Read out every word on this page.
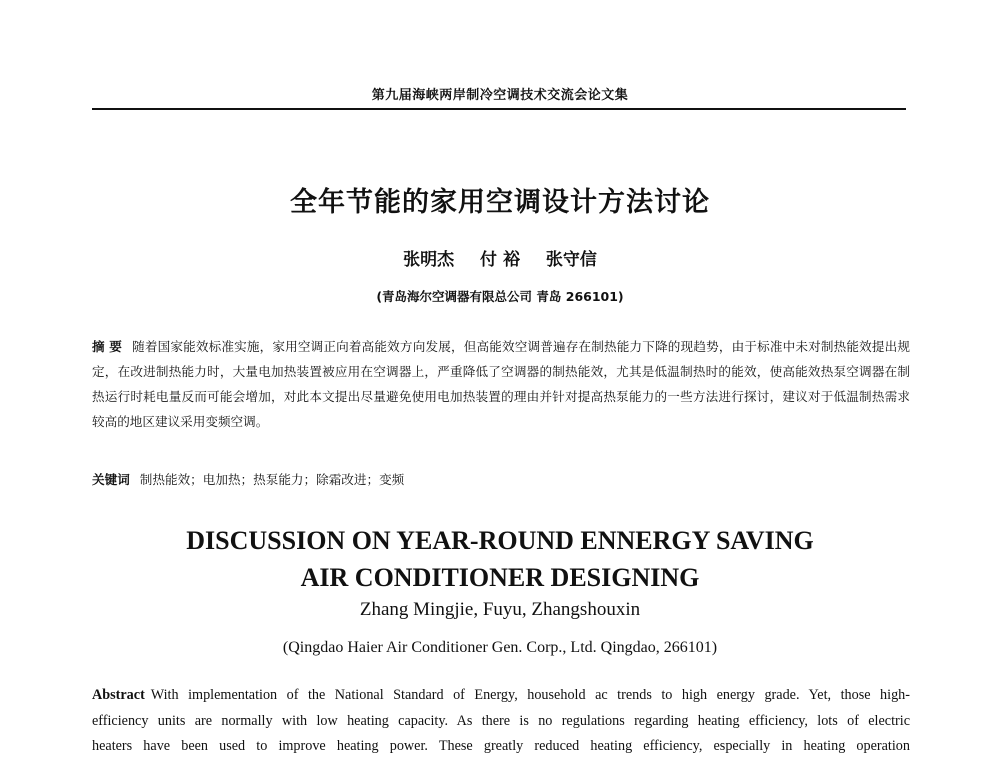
第九届海峡两岸制冷空调技术交流会论文集
全年节能的家用空调设计方法讨论
张明杰 付 裕 张守信
(青岛海尔空调器有限总公司 青岛 266101)
摘 要 随着国家能效标准实施，家用空调正向着高能效方向发展，但高能效空调普遍存在制热能力下降的现趋势，由于标准中未对制热能效提出规定，在改进制热能力时，大量电加热装置被应用在空调器上，严重降低了空调器的制热能效，尤其是低温制热时的能效，使高能效热泵空调器在制热运行时耗电量反而可能会增加，对此本文提出尽量避免使用电加热装置的理由并针对提高热泵能力的一些方法进行探讨，建议对于低温制热需求较高的地区建议采用变频空调。
关键词 制热能效；电加热；热泵能力；除霜改进；变频
DISCUSSION ON YEAR-ROUND ENNERGY SAVING
AIR CONDITIONER DESIGNING
Zhang Mingjie, Fuyu, Zhangshouxin
(Qingdao Haier Air Conditioner Gen. Corp., Ltd. Qingdao, 266101)
Abstract With implementation of the National Standard of Energy, household ac trends to high energy grade. Yet, those high-
efficiency units are normally with low heating capacity. As there is no regulations regarding heating efficiency, lots of electric
heaters have been used to improve heating power. These greatly reduced heating efficiency, especially in heating operation
